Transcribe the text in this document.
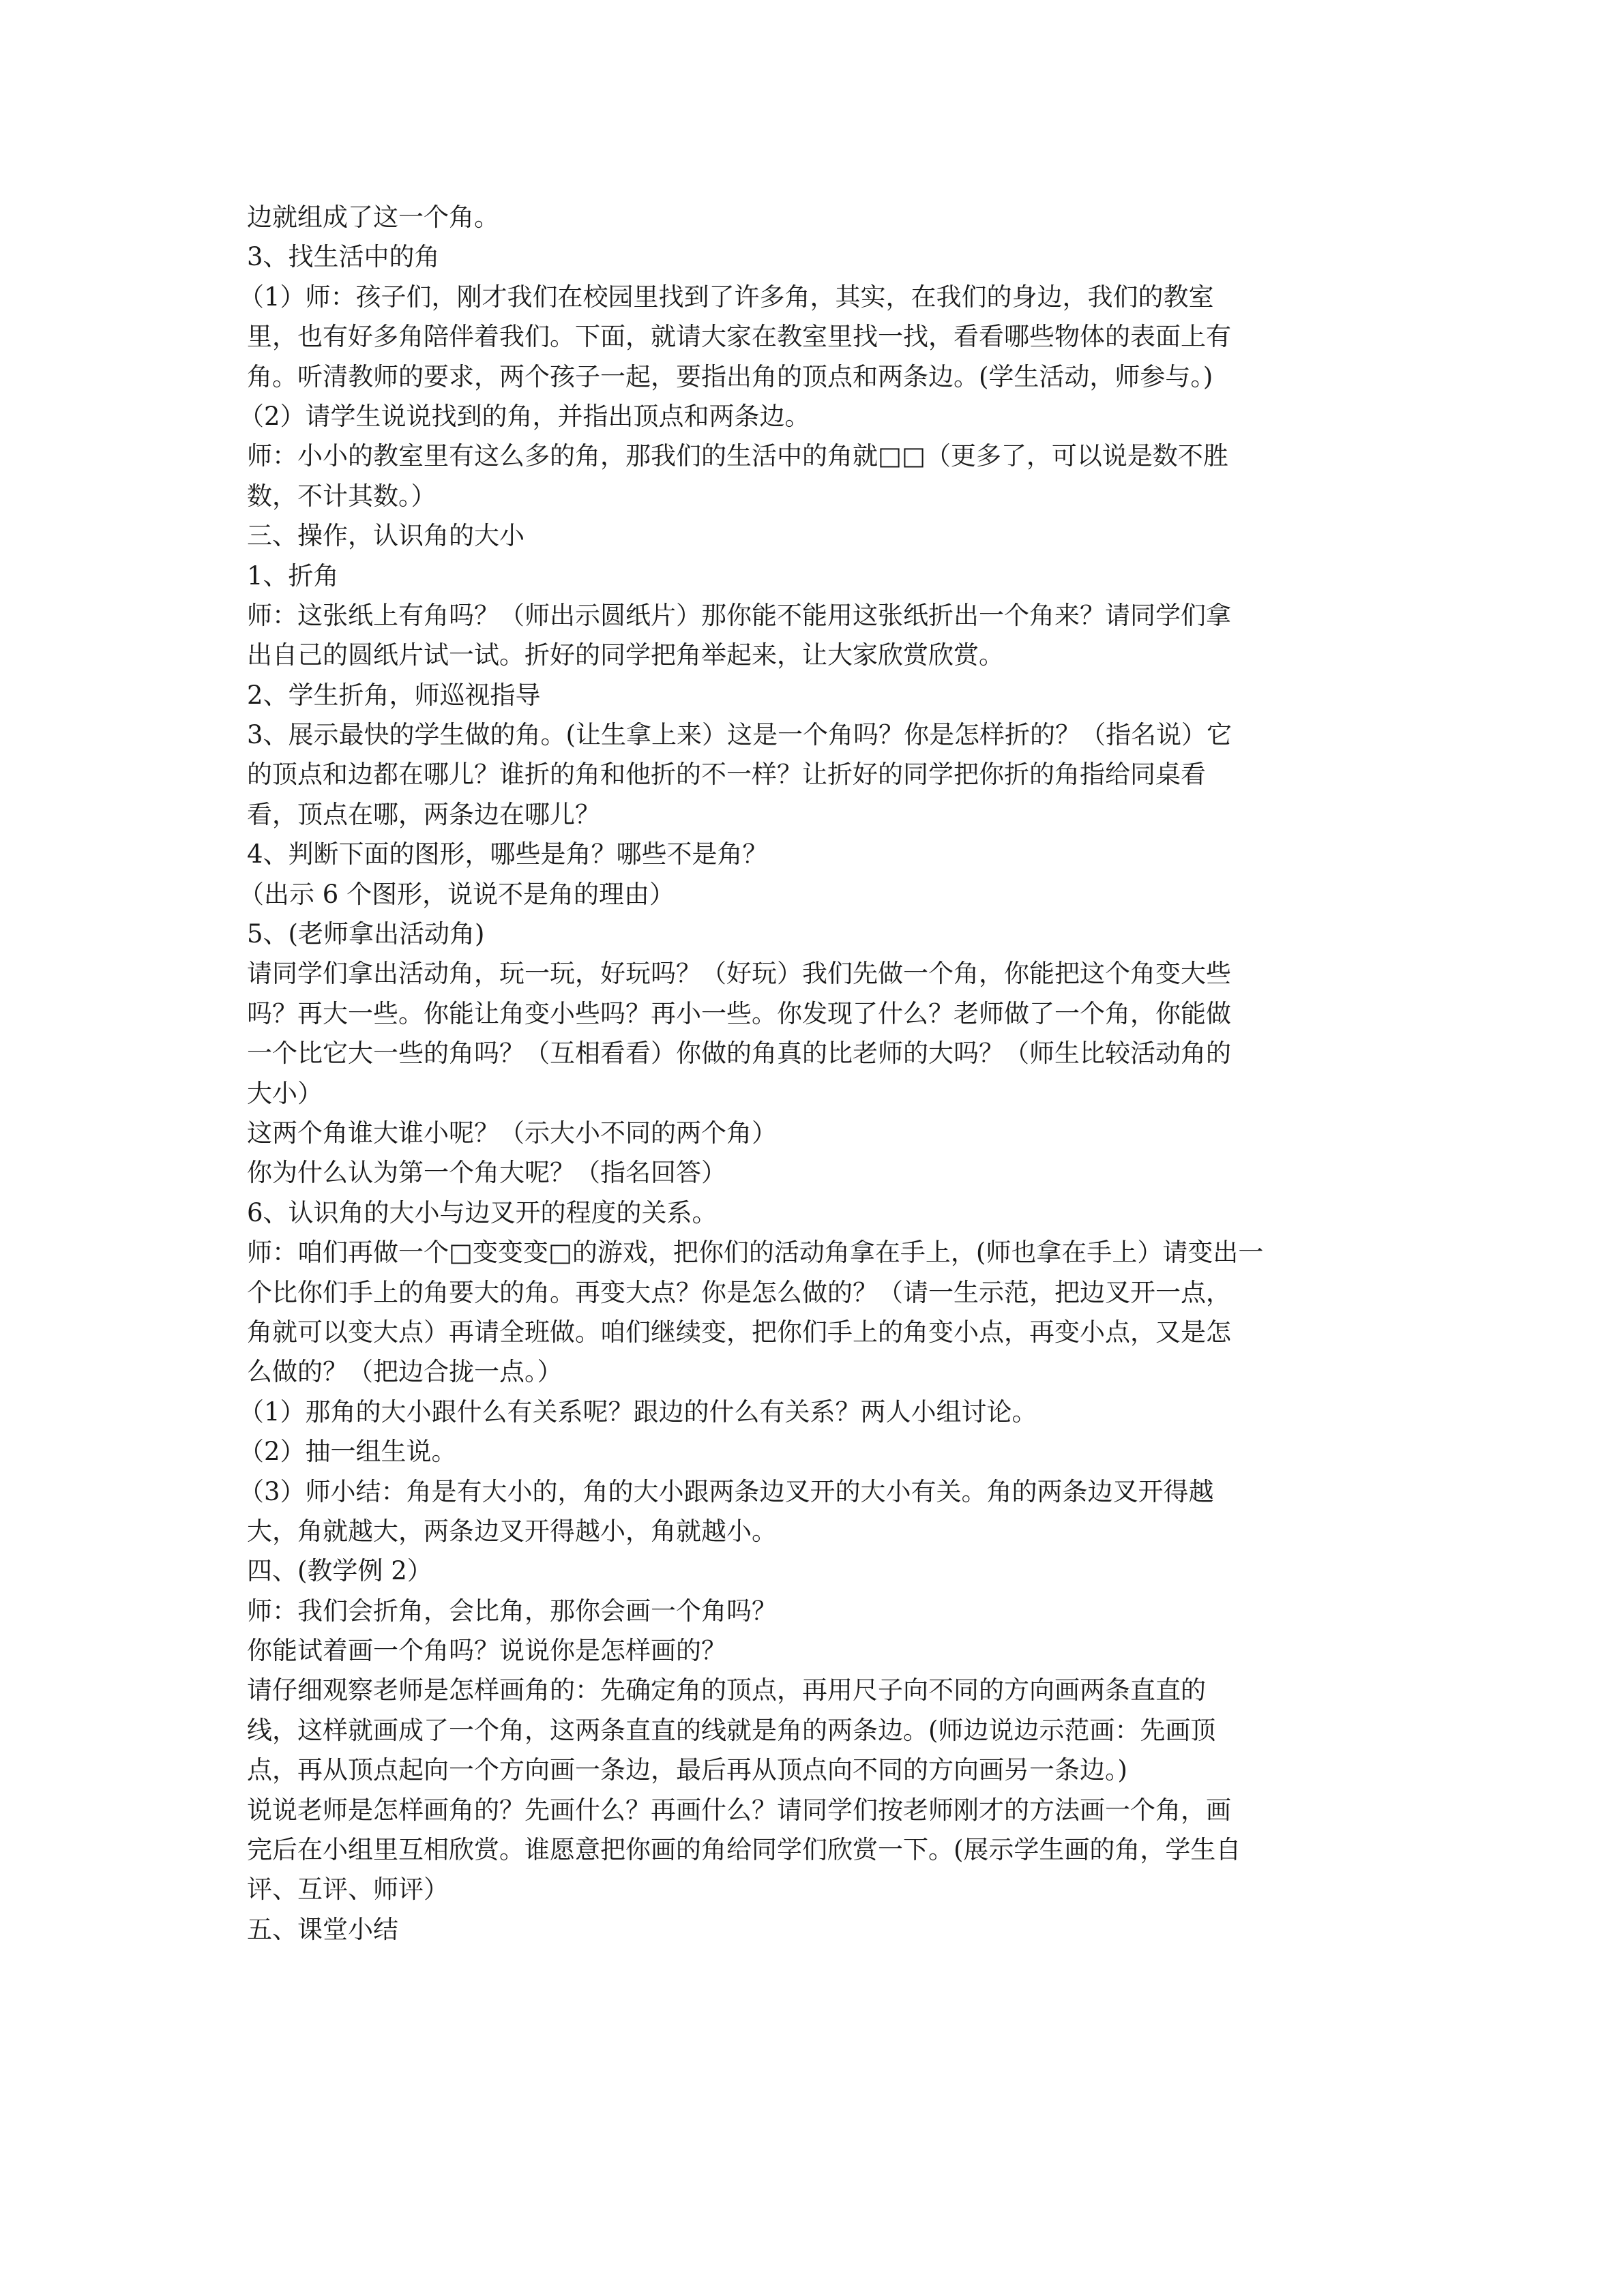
边就组成了这一个角。
3、找生活中的角
（1）师：孩子们，刚才我们在校园里找到了许多角，其实，在我们的身边，我们的教室
里，也有好多角陪伴着我们。下面，就请大家在教室里找一找，看看哪些物体的表面上有
角。听清教师的要求，两个孩子一起，要指出角的顶点和两条边。(学生活动，师参与。)
（2）请学生说说找到的角，并指出顶点和两条边。
师：小小的教室里有这么多的角，那我们的生活中的角就□□（更多了，可以说是数不胜
数，不计其数。）
三、操作，认识角的大小
1、折角
师：这张纸上有角吗？（师出示圆纸片）那你能不能用这张纸折出一个角来？请同学们拿
出自己的圆纸片试一试。折好的同学把角举起来，让大家欣赏欣赏。
2、学生折角，师巡视指导
3、展示最快的学生做的角。(让生拿上来）这是一个角吗？你是怎样折的？（指名说）它
的顶点和边都在哪儿？谁折的角和他折的不一样？让折好的同学把你折的角指给同桌看
看，顶点在哪，两条边在哪儿？
4、判断下面的图形，哪些是角？哪些不是角？
（出示 6 个图形，说说不是角的理由）
5、(老师拿出活动角)
请同学们拿出活动角，玩一玩，好玩吗？（好玩）我们先做一个角，你能把这个角变大些
吗？再大一些。你能让角变小些吗？再小一些。你发现了什么？老师做了一个角，你能做
一个比它大一些的角吗？（互相看看）你做的角真的比老师的大吗？（师生比较活动角的
大小）
这两个角谁大谁小呢？（示大小不同的两个角）
你为什么认为第一个角大呢？（指名回答）
6、认识角的大小与边叉开的程度的关系。
师：咱们再做一个□变变变□的游戏，把你们的活动角拿在手上，(师也拿在手上）请变出一
个比你们手上的角要大的角。再变大点？你是怎么做的？（请一生示范，把边叉开一点，
角就可以变大点）再请全班做。咱们继续变，把你们手上的角变小点，再变小点，又是怎
么做的？（把边合拢一点。）
（1）那角的大小跟什么有关系呢？跟边的什么有关系？两人小组讨论。
（2）抽一组生说。
（3）师小结：角是有大小的，角的大小跟两条边叉开的大小有关。角的两条边叉开得越
大，角就越大，两条边叉开得越小，角就越小。
四、(教学例 2）
师：我们会折角，会比角，那你会画一个角吗？
你能试着画一个角吗？说说你是怎样画的？
请仔细观察老师是怎样画角的：先确定角的顶点，再用尺子向不同的方向画两条直直的
线，这样就画成了一个角，这两条直直的线就是角的两条边。(师边说边示范画：先画顶
点，再从顶点起向一个方向画一条边，最后再从顶点向不同的方向画另一条边。)
说说老师是怎样画角的？先画什么？再画什么？请同学们按老师刚才的方法画一个角，画
完后在小组里互相欣赏。谁愿意把你画的角给同学们欣赏一下。(展示学生画的角，学生自
评、互评、师评）
五、课堂小结
